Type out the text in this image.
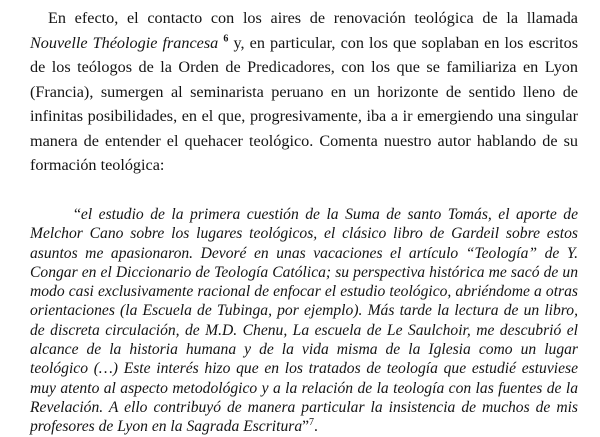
En efecto, el contacto con los aires de renovación teológica de la llamada Nouvelle Théologie francesa $^6$ y, en particular, con los que soplaban en los escritos de los teólogos de la Orden de Predicadores, con los que se familiariza en Lyon (Francia), sumergen al seminarista peruano en un horizonte de sentido lleno de infinitas posibilidades, en el que, progresivamente, iba a ir emergiendo una singular manera de entender el quehacer teológico. Comenta nuestro autor hablando de su formación teológica:

“el estudio de la primera cuestión de la Suma de santo Tomás, el aporte de Melchor Cano sobre los lugares teológicos, el clásico libro de Gardeil sobre estos asuntos me apasionaron. Devoré en unas vacaciones el artículo “Teología” de Y. Congar en el Diccionario de Teología Católica; su perspectiva histórica me sacó de un modo casi exclusivamente racional de enfocar el estudio teológico, abriéndome a otras orientaciones (la Escuela de Tubinga, por ejemplo). Más tarde la lectura de un libro, de discreta circulación, de M.D. Chenu, La escuela de Le Saulchoir, me descubrió el alcance de la historia humana y de la vida misma de la Iglesia como un lugar teológico (…) Este interés hizo que en los tratados de teología que estudié estuviese muy atento al aspecto metodológico y a la relación de la teología con las fuentes de la Revelación. A ello contribuyó de manera particular la insistencia de muchos de mis profesores de Lyon en la Sagrada Escritura”$^7$.
